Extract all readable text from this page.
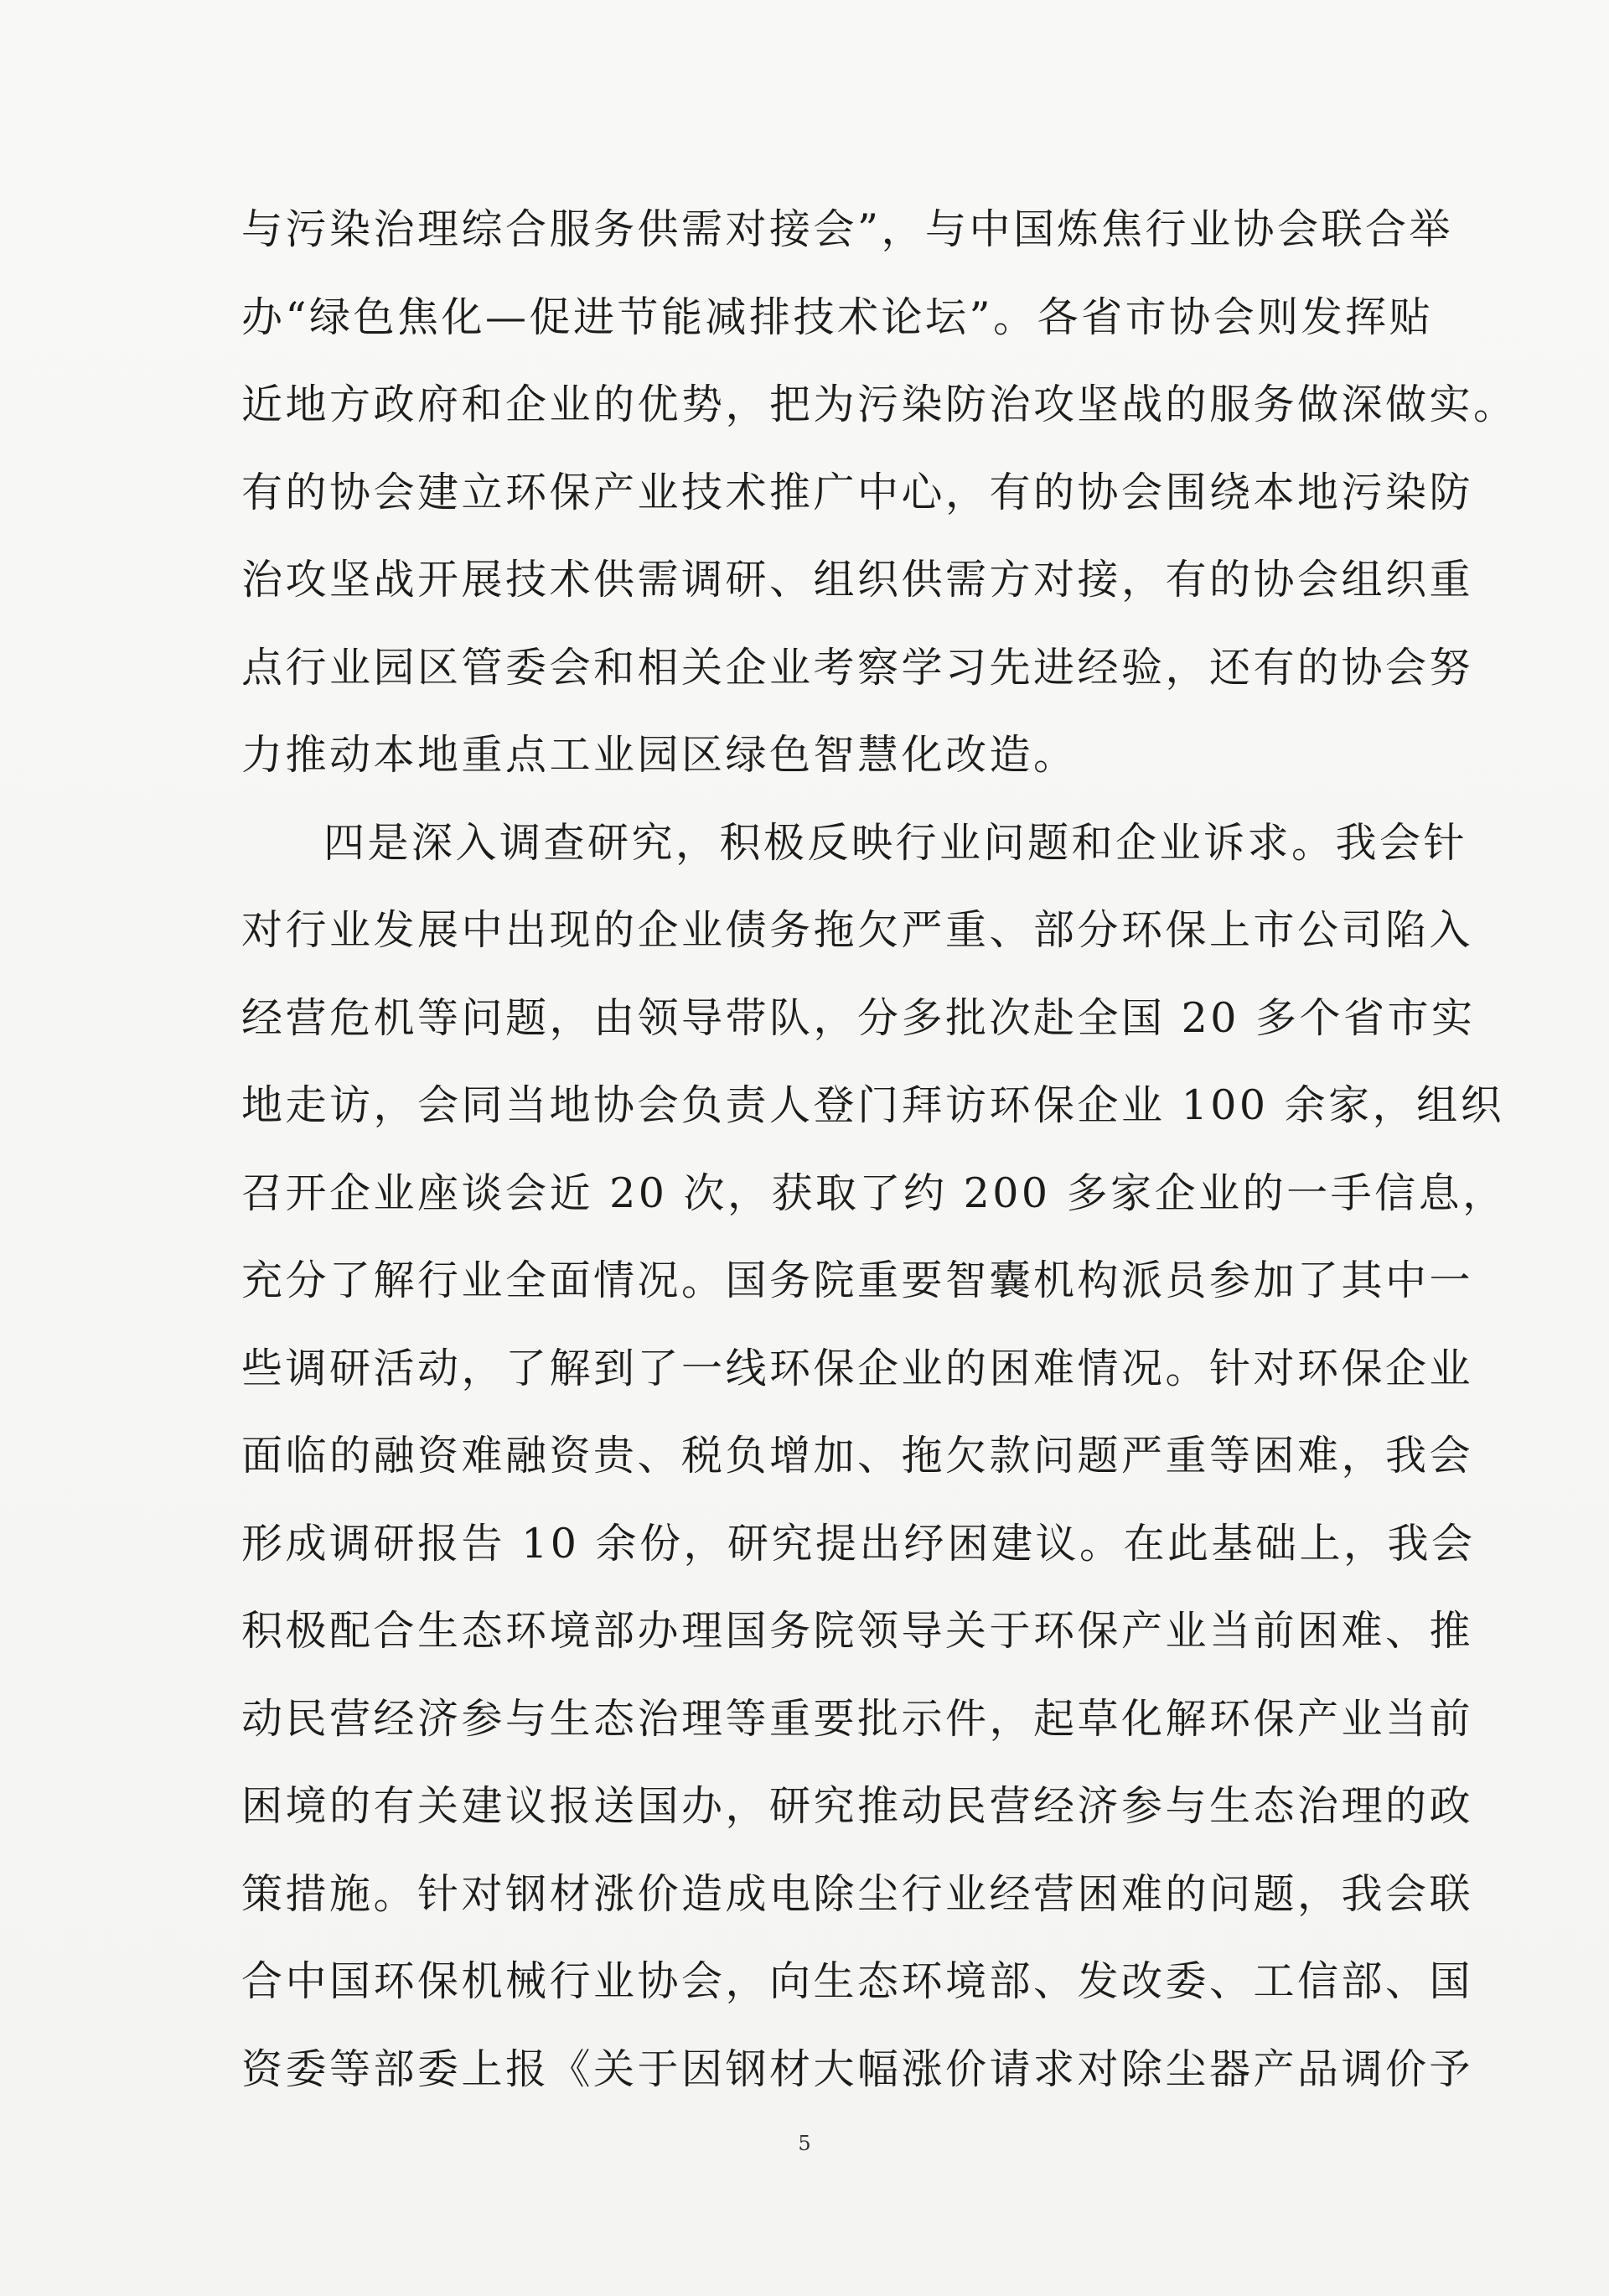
与污染治理综合服务供需对接会”，与中国炼焦行业协会联合举
办“绿色焦化—促进节能减排技术论坛”。各省市协会则发挥贴
近地方政府和企业的优势，把为污染防治攻坚战的服务做深做实。
有的协会建立环保产业技术推广中心，有的协会围绕本地污染防
治攻坚战开展技术供需调研、组织供需方对接，有的协会组织重
点行业园区管委会和相关企业考察学习先进经验，还有的协会努
力推动本地重点工业园区绿色智慧化改造。
四是深入调查研究，积极反映行业问题和企业诉求。我会针
对行业发展中出现的企业债务拖欠严重、部分环保上市公司陷入
经营危机等问题，由领导带队，分多批次赴全国 20 多个省市实
地走访，会同当地协会负责人登门拜访环保企业 100 余家，组织
召开企业座谈会近 20 次，获取了约 200 多家企业的一手信息，
充分了解行业全面情况。国务院重要智囊机构派员参加了其中一
些调研活动，了解到了一线环保企业的困难情况。针对环保企业
面临的融资难融资贵、税负增加、拖欠款问题严重等困难，我会
形成调研报告 10 余份，研究提出纾困建议。在此基础上，我会
积极配合生态环境部办理国务院领导关于环保产业当前困难、推
动民营经济参与生态治理等重要批示件，起草化解环保产业当前
困境的有关建议报送国办，研究推动民营经济参与生态治理的政
策措施。针对钢材涨价造成电除尘行业经营困难的问题，我会联
合中国环保机械行业协会，向生态环境部、发改委、工信部、国
资委等部委上报《关于因钢材大幅涨价请求对除尘器产品调价予
5
